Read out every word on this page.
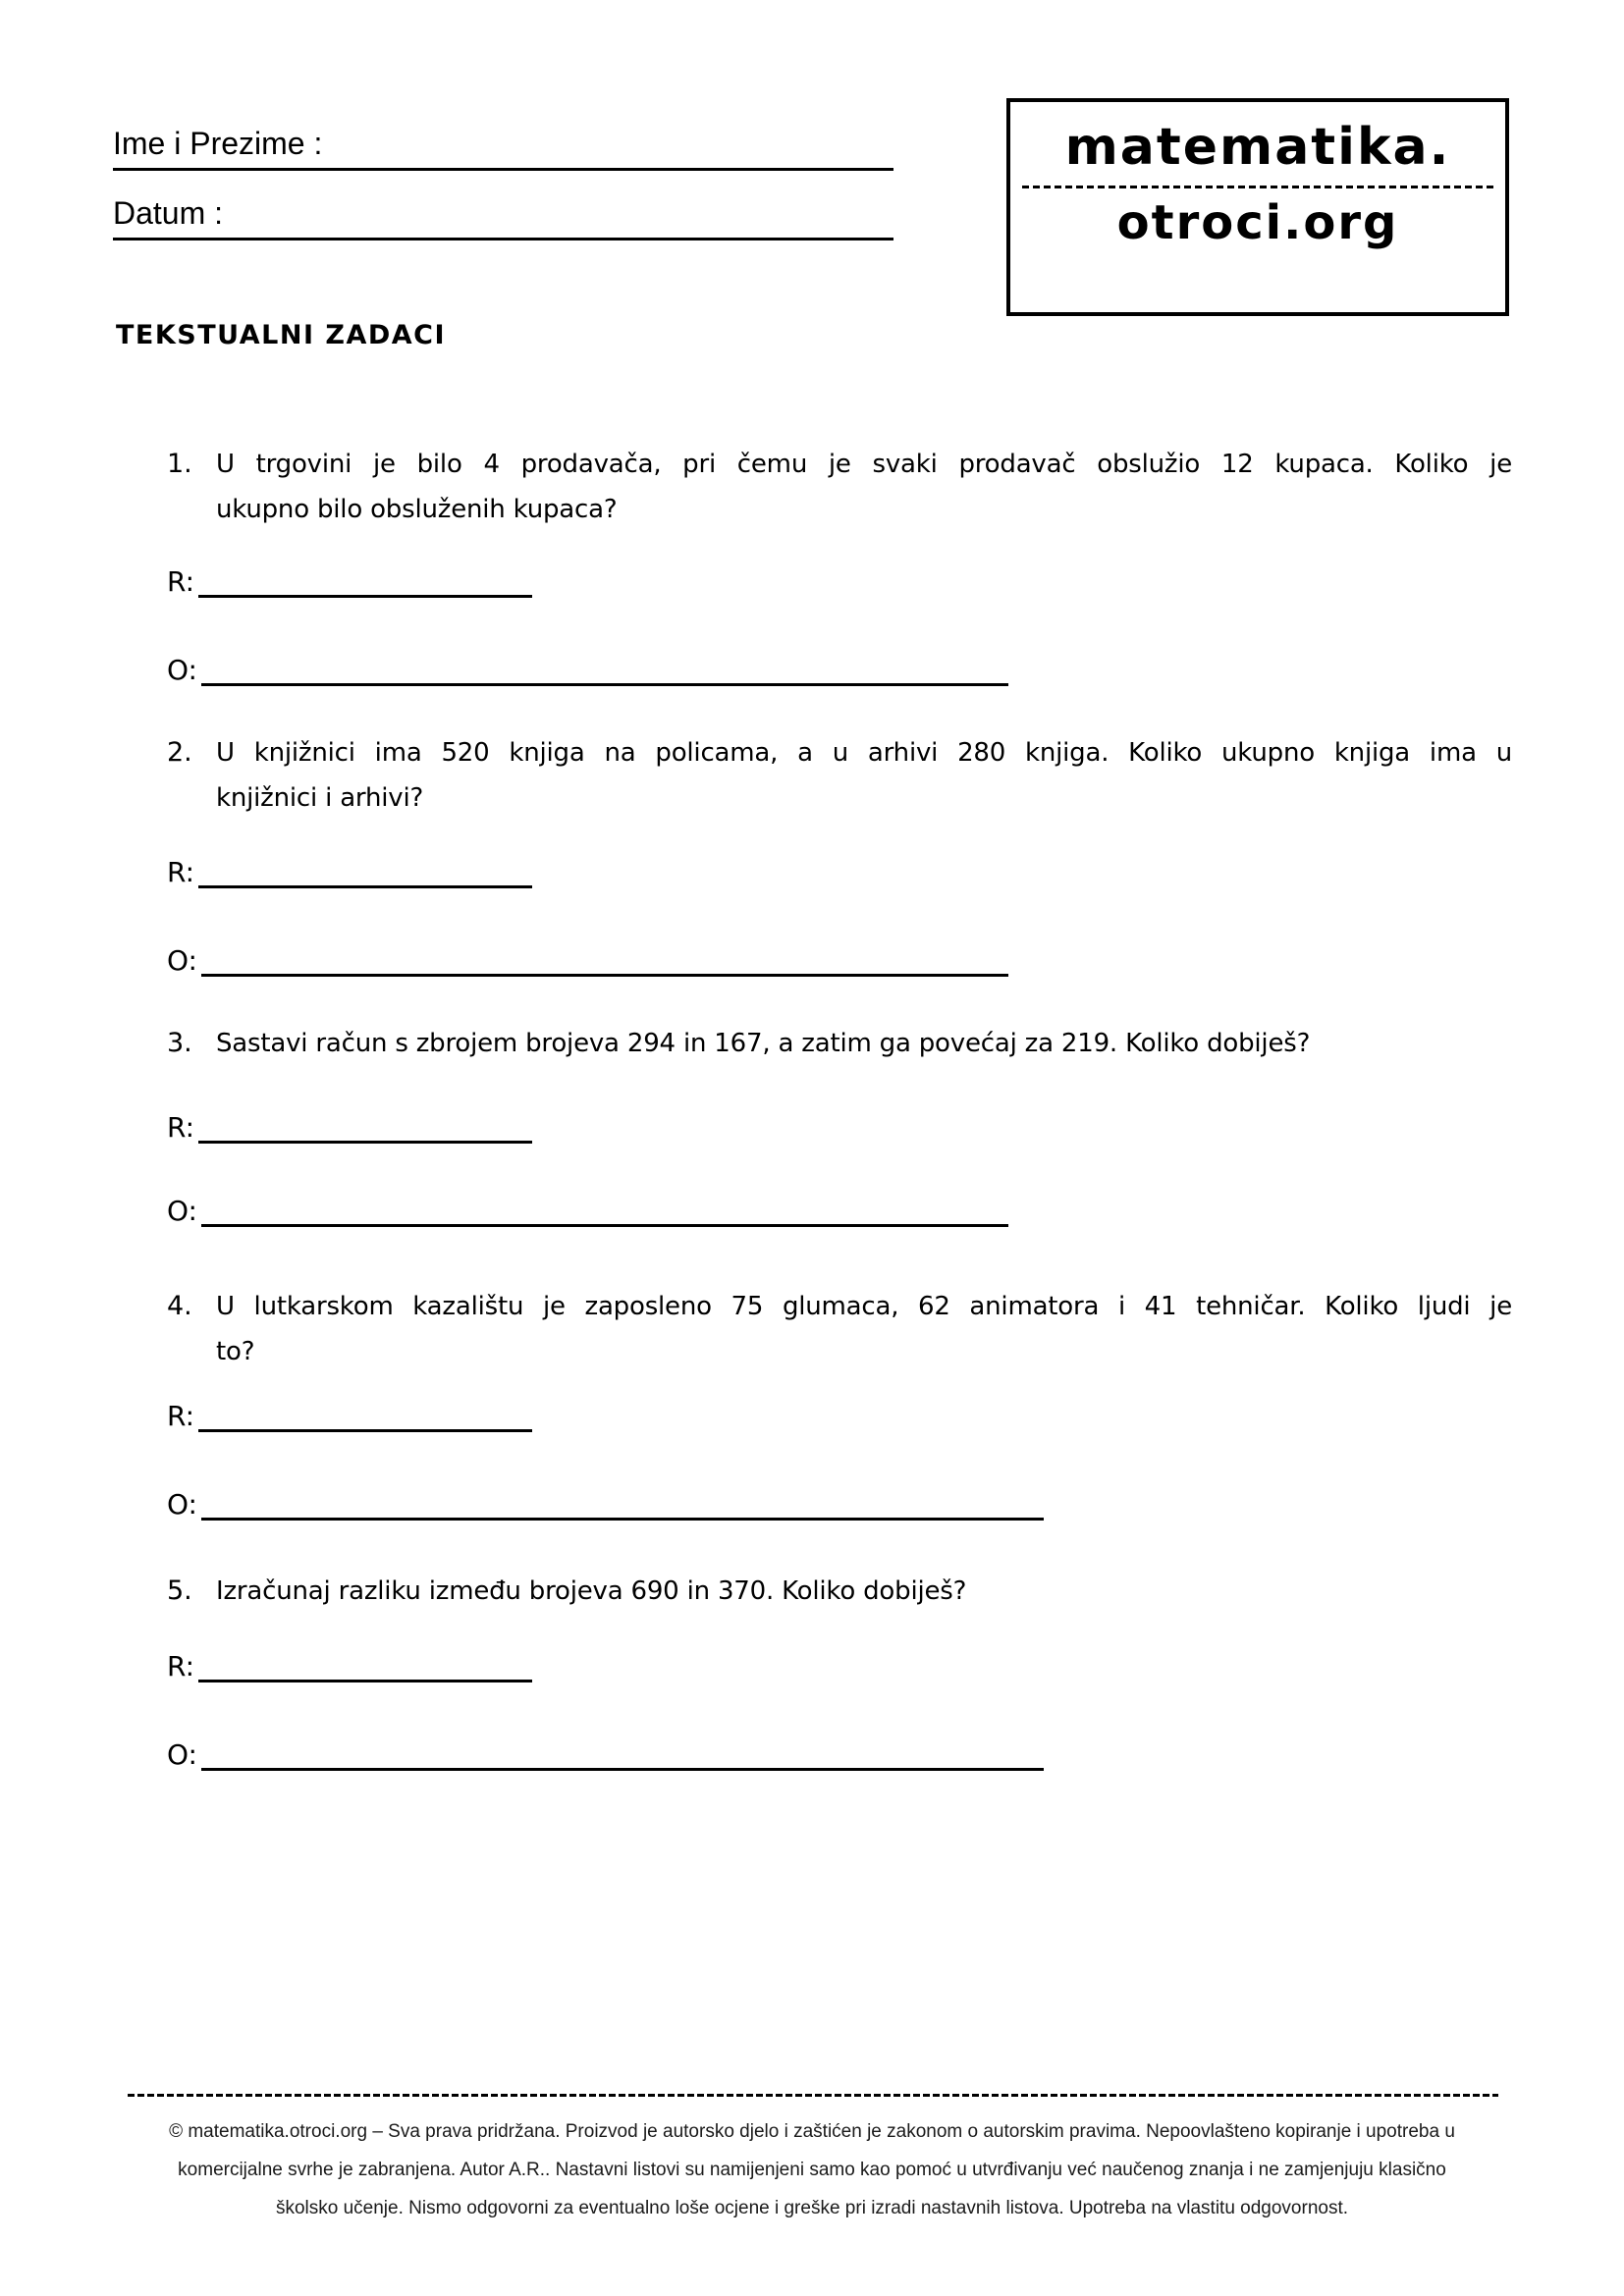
Ime i Prezime :
Datum :
matematika.
otroci.org
TEKSTUALNI ZADACI
1. U trgovini je bilo 4 prodavača, pri čemu je svaki prodavač obslužio 12 kupaca. Koliko je
ukupno bilo obsluženih kupaca?
R:
O:
2. U knjižnici ima 520 knjiga na policama, a u arhivi 280 knjiga. Koliko ukupno knjiga ima u
knjižnici i arhivi?
R:
O:
3. Sastavi račun s zbrojem brojeva 294 in 167, a zatim ga povećaj za 219. Koliko dobiješ?
R:
O:
4. U lutkarskom kazalištu je zaposleno 75 glumaca, 62 animatora i 41 tehničar. Koliko ljudi je
to?
R:
O:
5. Izračunaj razliku između brojeva 690 in 370. Koliko dobiješ?
R:
O:
© matematika.otroci.org – Sva prava pridržana. Proizvod je autorsko djelo i zaštićen je zakonom o autorskim pravima. Nepoovlašteno kopiranje i upotreba u
komercijalne svrhe je zabranjena. Autor A.R.. Nastavni listovi su namijenjeni samo kao pomoć u utvrđivanju već naučenog znanja i ne zamjenjuju klasično
školsko učenje. Nismo odgovorni za eventualno loše ocjene i greške pri izradi nastavnih listova. Upotreba na vlastitu odgovornost.
